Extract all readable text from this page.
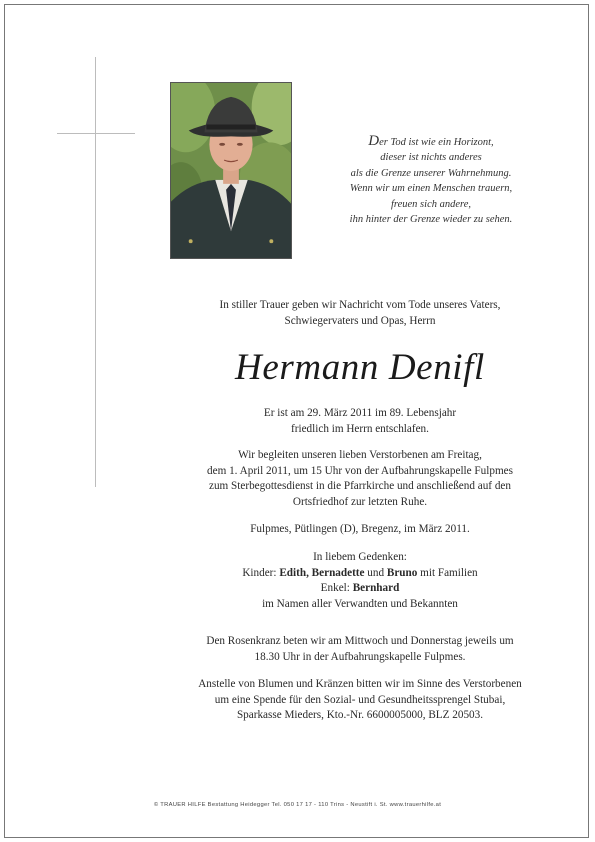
Der Tod ist wie ein Horizont,
dieser ist nichts anderes
als die Grenze unserer Wahrnehmung.
Wenn wir um einen Menschen trauern,
freuen sich andere,
ihn hinter der Grenze wieder zu sehen.
In stiller Trauer geben wir Nachricht vom Tode unseres Vaters,
Schwiegervaters und Opas, Herrn
Hermann Denifl
Er ist am 29. März 2011 im 89. Lebensjahr
friedlich im Herrn entschlafen.
Wir begleiten unseren lieben Verstorbenen am Freitag,
dem 1. April 2011, um 15 Uhr von der Aufbahrungskapelle Fulpmes
zum Sterbegottesdienst in die Pfarrkirche und anschließend auf den
Ortsfriedhof zur letzten Ruhe.
Fulpmes, Pütlingen (D), Bregenz, im März 2011.
In liebem Gedenken:
Kinder: Edith, Bernadette und Bruno mit Familien
Enkel: Bernhard
im Namen aller Verwandten und Bekannten
Den Rosenkranz beten wir am Mittwoch und Donnerstag jeweils um
18.30 Uhr in der Aufbahrungskapelle Fulpmes.
Anstelle von Blumen und Kränzen bitten wir im Sinne des Verstorbenen
um eine Spende für den Sozial- und Gesundheitssprengel Stubai,
Sparkasse Mieders, Kto.-Nr. 6600005000, BLZ 20503.
© TRAUER HILFE Bestattung Heidegger Tel. 050 17 17 - 110 Trins - Neustift i. St. www.trauerhilfe.at
